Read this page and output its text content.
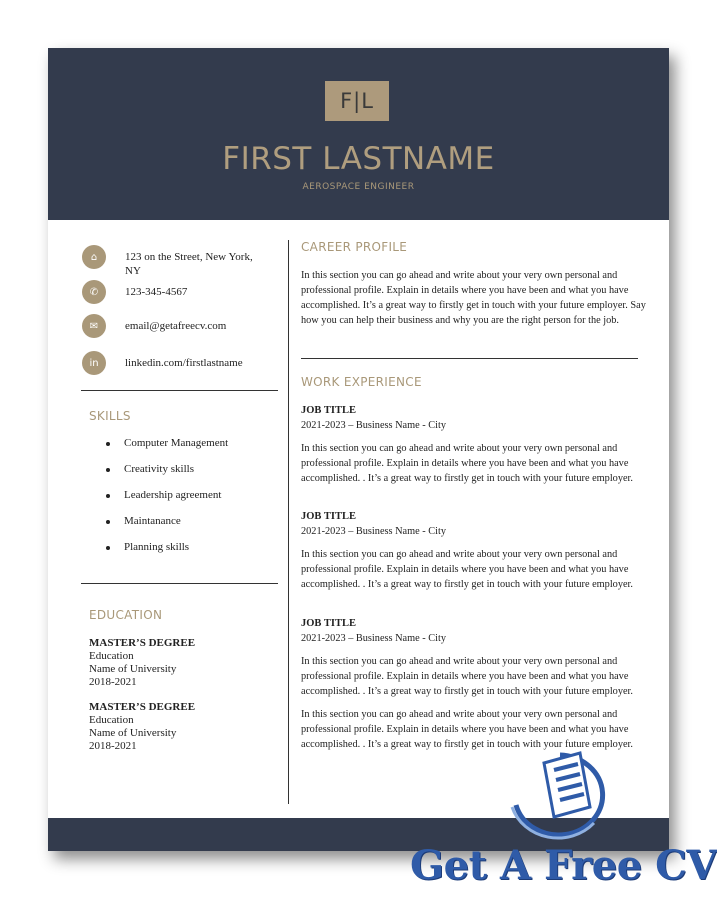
F|L
FIRST LASTNAME
AEROSPACE ENGINEER
⌂	123 on the Street, New York, NY
✆	123-345-4567
✉	email@getafreecv.com
in	linkedin.com/firstlastname
SKILLS
Computer Management
Creativity skills
Leadership agreement
Maintanance
Planning skills
EDUCATION
MASTER’S DEGREE
Education
Name of University
2018-2021
MASTER’S DEGREE
Education
Name of University
2018-2021
CAREER PROFILE
In this section you can go ahead and write about your very own personal and professional profile. Explain in details where you have been and what you have accomplished. It’s a great way to firstly get in touch with your future employer. Say how you can help their business and why you are the right person for the job.
WORK EXPERIENCE
JOB TITLE
2021-2023 – Business Name - City
In this section you can go ahead and write about your very own personal and professional profile. Explain in details where you have been and what you have accomplished. . It’s a great way to firstly get in touch with your future employer.
JOB TITLE
2021-2023 – Business Name - City
In this section you can go ahead and write about your very own personal and professional profile. Explain in details where you have been and what you have accomplished. . It’s a great way to firstly get in touch with your future employer.
JOB TITLE
2021-2023 – Business Name - City
In this section you can go ahead and write about your very own personal and professional profile. Explain in details where you have been and what you have accomplished. . It’s a great way to firstly get in touch with your future employer.
In this section you can go ahead and write about your very own personal and professional profile. Explain in details where you have been and what you have accomplished. . It’s a great way to firstly get in touch with your future employer.
Get A Free CV
